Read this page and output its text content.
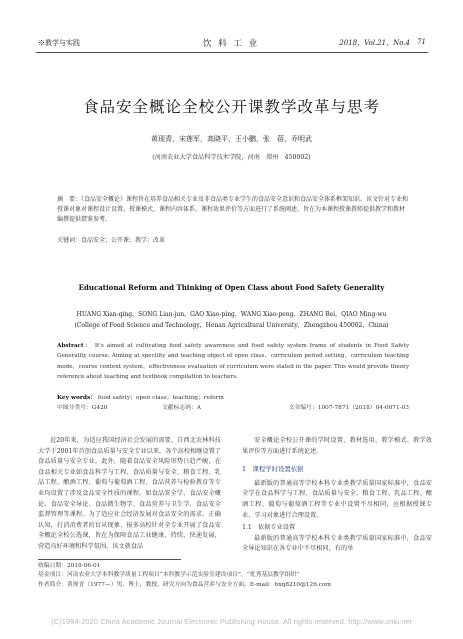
※教学与实践	饮 料 工 业	2018，Vol.21，No.4 71
食品安全概论全校公开课教学改革与思考
黄现青，宋莲军，高晓平，王小鹏，张　蓓，乔明武
(河南农业大学食品科学技术学院，河南　郑州　450002)
摘　要：《食品安全概论》课程旨在培养食品相关专业及非食品类专业学生的食品安全意识和食品安全体系框架知识。该文针对专业和授课对象对课程设计设置、授课模式、课程内容体系、课程效果评价等方面进行了系统阐述，旨在为本课程授课教师提供教学和教材编撰提供借鉴参考。
关键词：食品安全；公开课；教学；改革
Educational Reform and Thinking of Open Class about Food Safety Generality
HUANG Xian-qing，SONG Lian-jun，GAO Xiao-ping，WANG Xiao-peng，ZHANG Bei，QIAO Ming-wu
(College of Food Science and Technology，Henan Agricultural University，Zhengzhou 450002，China)
Abstract： It's aimed at cultivating food safety awareness and food safety system frame of students in Food Safety Generality course. Aiming at specility and teaching object of open class，curriculum period setting，curriculum teaching mode，course content system，effectiveness evaluation of curriculum were stated in the paper. This would provide theory reference about teaching and textbook compilation to teachers.
Key words： food safety；open class；teaching；reform
中图分类号：G420	文献标志码：A	文章编号：1007-7871（2018）04-0071-03
近20年来，为适应我国经济社会发展的需要，自西北农林科技大学于2001年首创食品质量与安全专业以来，各个高校相继设置了食品质量与安全专业。此外，随着食品安全风险形势日趋严峻，在食品相关专业如食品科学与工程、食品质量与安全、粮食工程、乳品工程、酿酒工程、葡萄与葡萄酒工程、食品营养与检验教育等专业均设置了涉及食品安全性质的课程，如食品安全学、食品安全概论、食品安全导论、食品微生物学、食品营养与卫生学、食品安全监督管理等课程。为了适应社会经济发展对食品安全的需求，正确认知，打消消费者的盲从现象，报多高校针对全专业开展了食品安全概论全校公选课，旨在为保障食品工业健康、持续、快速发展，营造良好环境和科学氛围。该文就食品

安全概论全校公开课的学时设置、教材选用、教学模式、教学效果评价等方面进行系统论述。

1　课程学时设置依据

最新版的普通高等学校本科专业类教学质量国家标准中，食品安全学在食品科学与工程、食品质量与安全、粮食工程、乳品工程、酿酒工程、葡萄与葡萄酒工程等专业中设置不尽相同，应根据授课专业、学习对象进行合理设置。

1.1　依据专业设置

最新版的普通高等学校本科专业类教学质量国家标准中，食品安全导论知识在各专业中不尽相同，有的单

收稿日期：2018-06-01
基金项目：河南农业大学本科教学质量工程项目“本科教学示范实验室建设项目”，“优秀基层教学组织”
作者简介：黄现青（1977—）男，博士，教授，研究方向为食品营养与安全方面。E-mail：hxq8210@126.com
(C)1994-2020 China Academic Journal Electronic Publishing House. All rights reserved. http://www.cnki.net
